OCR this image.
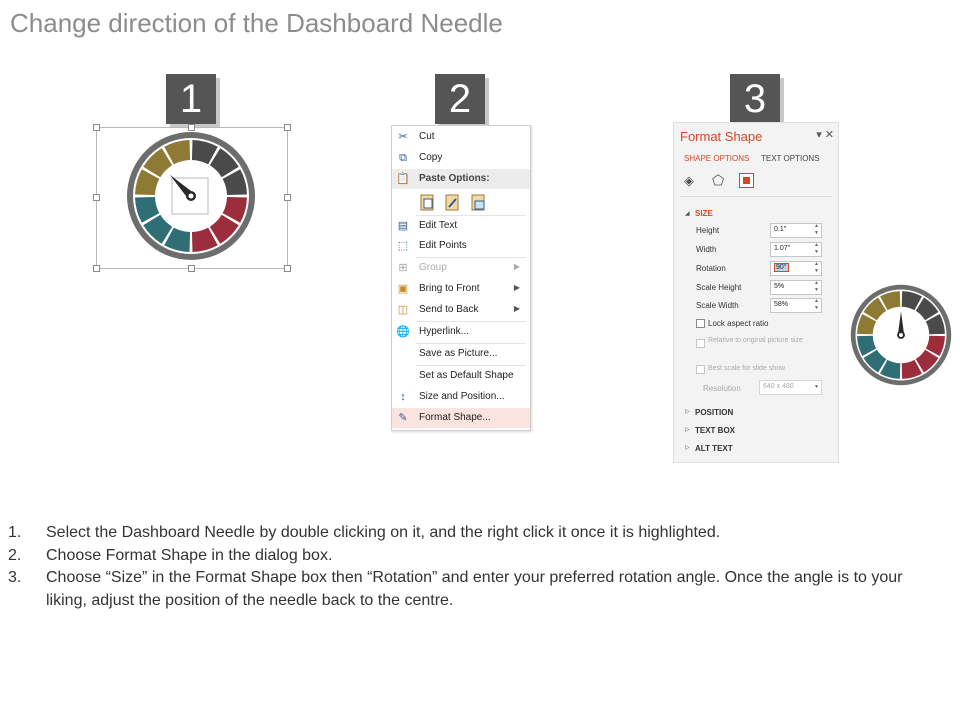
Change direction of the Dashboard Needle
1	2	3
✂ Cut
⧉	Copy
📋 Paste Options:
▤ Edit Text
⬚ Edit Points
⊞ Group	▶
▣ Bring to Front	▶
◫ Send to Back	▶
🌐 Hyperlink...
Save as Picture...
Set as Default Shape
↕	Size and Position...
✎ Format Shape...
Format Shape	▾ ✕
SHAPE OPTIONS TEXT OPTIONS
◈ ⬠
◢ SIZE
Height	0.1"	▲
▼
Width	1.07"	▲
▼
Rotation	90°	▲
▼
Scale Height	5%	▲
▼
Scale Width	58%	▲
▼
Lock aspect ratio
Relative to original picture size
Best scale for slide show
Resolution	640 x 480	▼
▷ POSITION
▷ TEXT BOX
▷ ALT TEXT
1. Select the Dashboard Needle by double clicking on it, and the right click it once it is highlighted.
2. Choose Format Shape in the dialog box.
3. Choose “Size” in the Format Shape box then “Rotation” and enter your preferred rotation angle. Once the angle is to your liking, adjust the position of the needle back to the centre.
